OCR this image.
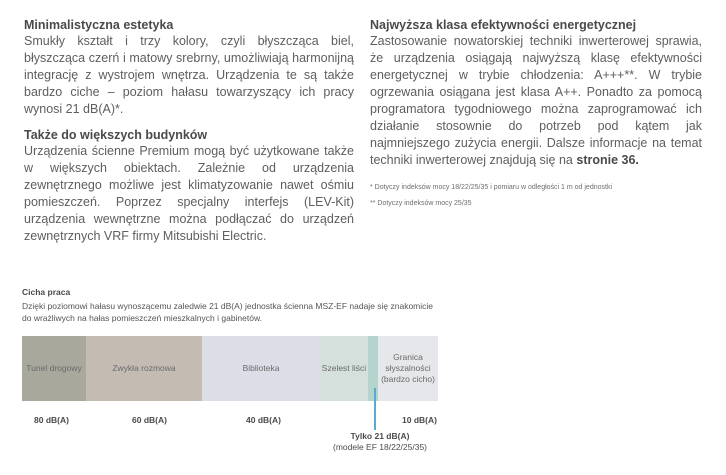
Minimalistyczna estetyka

Smukły kształt i trzy kolory, czyli błyszcząca biel, błyszcząca czerń i matowy srebrny, umożliwiają harmonijną integrację z wystrojem wnętrza. Urządzenia te są także bardzo ciche – poziom hałasu towarzyszący ich pracy wynosi 21 dB(A)*.

Także do większych budynków

Urządzenia ścienne Premium mogą być użytkowane także w większych obiektach. Zależnie od urządzenia zewnętrznego możliwe jest klimatyzowanie nawet ośmiu pomieszczeń. Poprzez specjalny interfejs (LEV-Kit) urządzenia wewnętrzne można podłączać do urządzeń zewnętrznych VRF firmy Mitsubishi Electric.

Najwyższa klasa efektywności energetycznej

Zastosowanie nowatorskiej techniki inwerterowej sprawia, że urządzenia osiągają najwyższą klasę efektywności energetycznej w trybie chłodzenia: A+++**. W trybie ogrzewania osiągana jest klasa A++. Ponadto za pomocą programatora tygodniowego można zaprogramować ich działanie stosownie do potrzeb pod kątem jak najmniejszego zużycia energii. Dalsze informacje na temat techniki inwerterowej znajdują się na stronie 36.

* Dotyczy indeksów mocy 18/22/25/35 i pomiaru w odległości 1 m od jednostki

** Dotyczy indeksów mocy 25/35

Cicha praca
Dzięki poziomowi hałasu wynoszącemu zaledwie 21 dB(A) jednostka ścienna MSZ-EF nadaje się znakomicie do wrażliwych na hałas pomieszczeń mieszkalnych i gabinetów.
Tunel drogowy	Zwykła rozmowa	Biblioteka	Szelest liści
Granica słyszalności (bardzo cicho)
80 dB(A)	60 dB(A)	40 dB(A)	10 dB(A)
Tylko 21 dB(A)
(modele EF 18/22/25/35)
